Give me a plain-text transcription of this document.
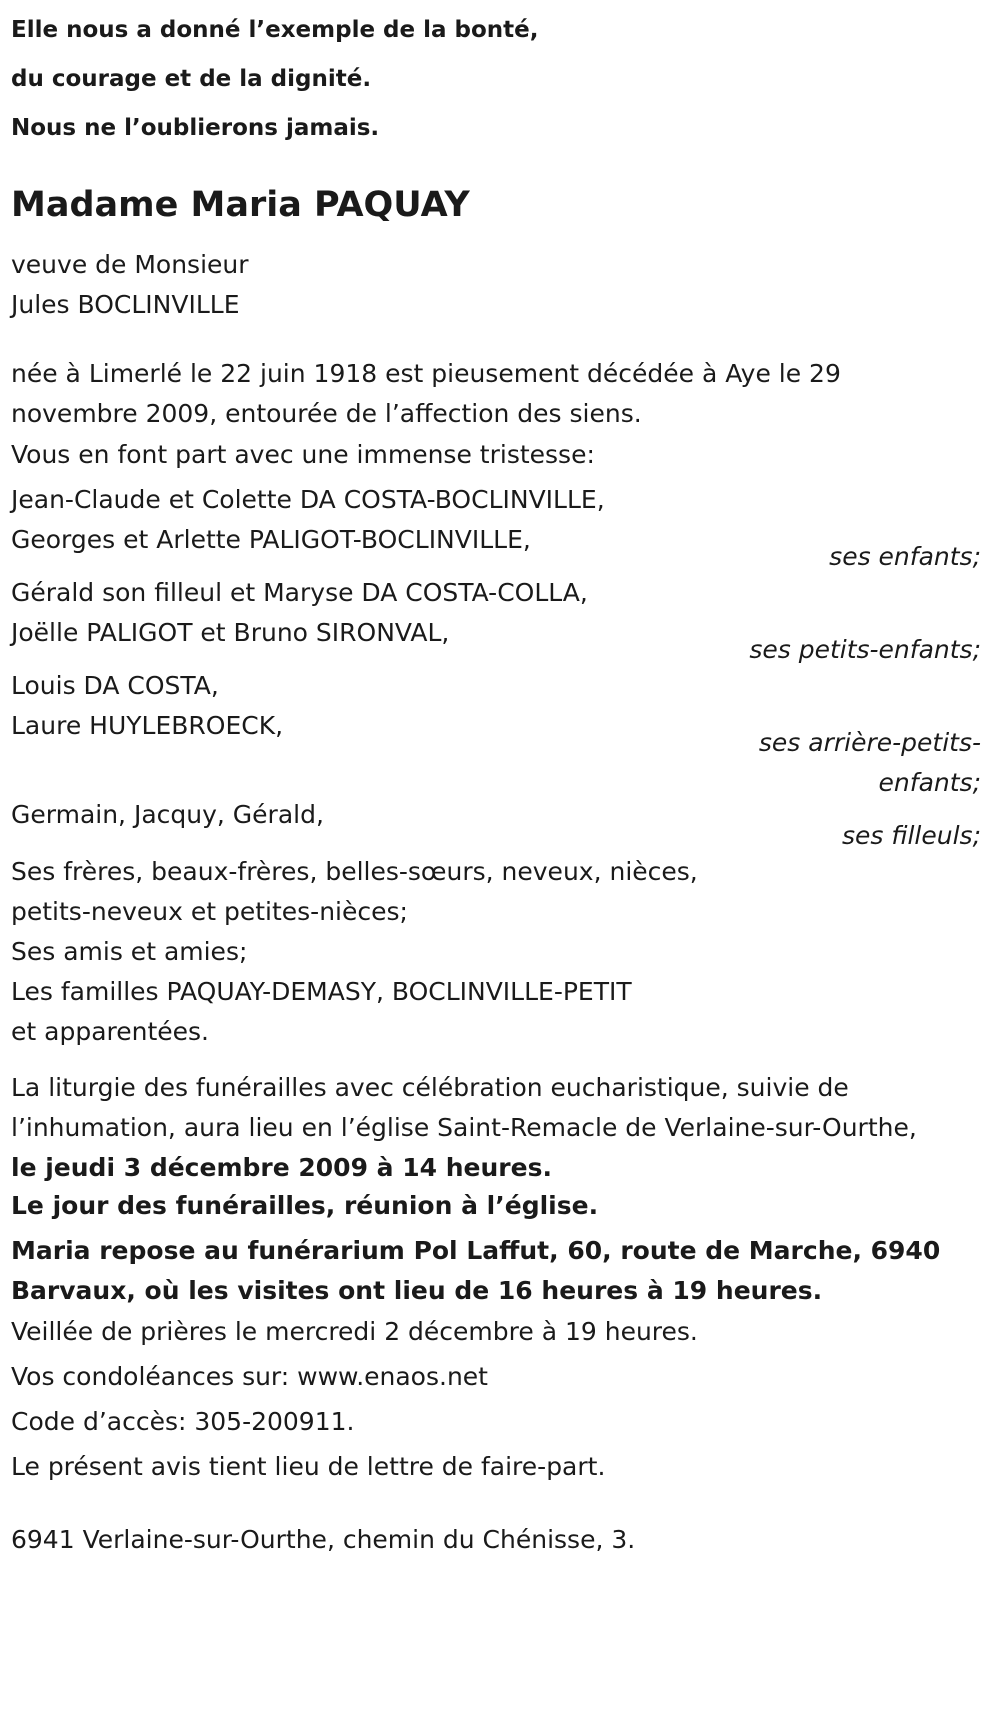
Elle nous a donné l’exemple de la bonté,

du courage et de la dignité.

Nous ne l’oublierons jamais.

Madame Maria PAQUAY

veuve de Monsieur

Jules BOCLINVILLE

née à Limerlé le 22 juin 1918 est pieusement décédée à Aye le 29

novembre 2009, entourée de l’affection des siens.

Vous en font part avec une immense tristesse:

Jean-Claude et Colette DA COSTA-BOCLINVILLE,

Georges et Arlette PALIGOT-BOCLINVILLE,

ses enfants;

Gérald son filleul et Maryse DA COSTA-COLLA,

Joëlle PALIGOT et Bruno SIRONVAL,

ses petits-enfants;

Louis DA COSTA,

Laure HUYLEBROECK,

ses arrière-petits-

enfants;

Germain, Jacquy, Gérald,

ses filleuls;

Ses frères, beaux-frères, belles-sœurs, neveux, nièces,

petits-neveux et petites-nièces;

Ses amis et amies;

Les familles PAQUAY-DEMASY, BOCLINVILLE-PETIT

et apparentées.

La liturgie des funérailles avec célébration eucharistique, suivie de

l’inhumation, aura lieu en l’église Saint-Remacle de Verlaine-sur-Ourthe,

le jeudi 3 décembre 2009 à 14 heures.

Le jour des funérailles, réunion à l’église.

Maria repose au funérarium Pol Laffut, 60, route de Marche, 6940

Barvaux, où les visites ont lieu de 16 heures à 19 heures.

Veillée de prières le mercredi 2 décembre à 19 heures.
Vos condoléances sur: www.enaos.net
Code d’accès: 305-200911.
Le présent avis tient lieu de lettre de faire-part.
6941 Verlaine-sur-Ourthe, chemin du Chénisse, 3.
